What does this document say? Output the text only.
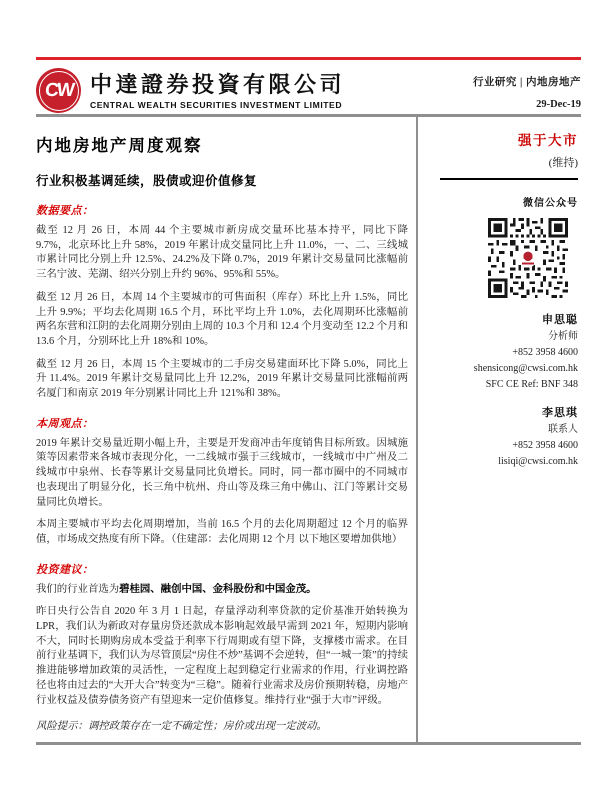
CW 中達證券投資有限公司
CENTRAL WEALTH SECURITIES INVESTMENT LIMITED
行业研究 | 内地房地产
29-Dec-19
内地房地产周度观察
行业积极基调延续，股债或迎价值修复
数据要点：

截至 12 月 26 日，本周 44 个主要城市新房成交量环比基本持平，同比下降 9.7%，北京环比上升 58%，2019 年累计成交量同比上升 11.0%，一、二、三线城市累计同比分别上升 12.5%、24.2%及下降 0.7%，2019 年累计交易量同比涨幅前三名宁波、芜湖、绍兴分别上升约 96%、95%和 55%。

截至 12 月 26 日，本周 14 个主要城市的可售面积（库存）环比上升 1.5%，同比上升 9.9%；平均去化周期 16.5 个月，环比平均上升 1.0%，去化周期环比涨幅前两名东营和江阴的去化周期分别由上周的 10.3 个月和 12.4 个月变动至 12.2 个月和 13.6 个月，分别环比上升 18%和 10%。

截至 12 月 26 日，本周 15 个主要城市的二手房交易建面环比下降 5.0%，同比上升 11.4%。2019 年累计交易量同比上升 12.2%，2019 年累计交易量同比涨幅前两名厦门和南京 2019 年分别累计同比上升 121%和 38%。

本周观点：

2019 年累计交易量近期小幅上升，主要是开发商冲击年度销售目标所致。因城施策等因素带来各城市表现分化，一二线城市强于三线城市，一线城市中广州及二线城市中泉州、长春等累计交易量同比负增长。同时，同一都市圈中的不同城市也表现出了明显分化，长三角中杭州、舟山等及珠三角中佛山、江门等累计交易量同比负增长。

本周主要城市平均去化周期增加，当前 16.5 个月的去化周期超过 12 个月的临界值，市场成交热度有所下降。（住建部：去化周期 12 个月 以下地区要增加供地）

投资建议：

我们的行业首选为碧桂园、融创中国、金科股份和中国金茂。

昨日央行公告自 2020 年 3 月 1 日起，存量浮动利率贷款的定价基准开始转换为 LPR，我们认为新政对存量房贷还款成本影响起效最早需到 2021 年，短期内影响不大，同时长期购房成本受益于利率下行周期或有望下降，支撑楼市需求。在目前行业基调下，我们认为尽管顶层“房住不炒”基调不会逆转，但“一城一策”的持续推进能够增加政策的灵活性，一定程度上起到稳定行业需求的作用，行业调控路径也将由过去的“大开大合”转变为“三稳”。随着行业需求及房价预期转稳，房地产行业权益及债券债务资产有望迎来一定价值修复。维持行业“强于大市”评级。

风险提示：调控政策存在一定不确定性；房价或出现一定波动。

强于大市
(维持)
微信公众号
申思聪
分析师
+852 3958 4600
shensicong@cwsi.com.hk
SFC CE Ref: BNF 348
李思琪
联系人
+852 3958 4600
lisiqi@cwsi.com.hk
